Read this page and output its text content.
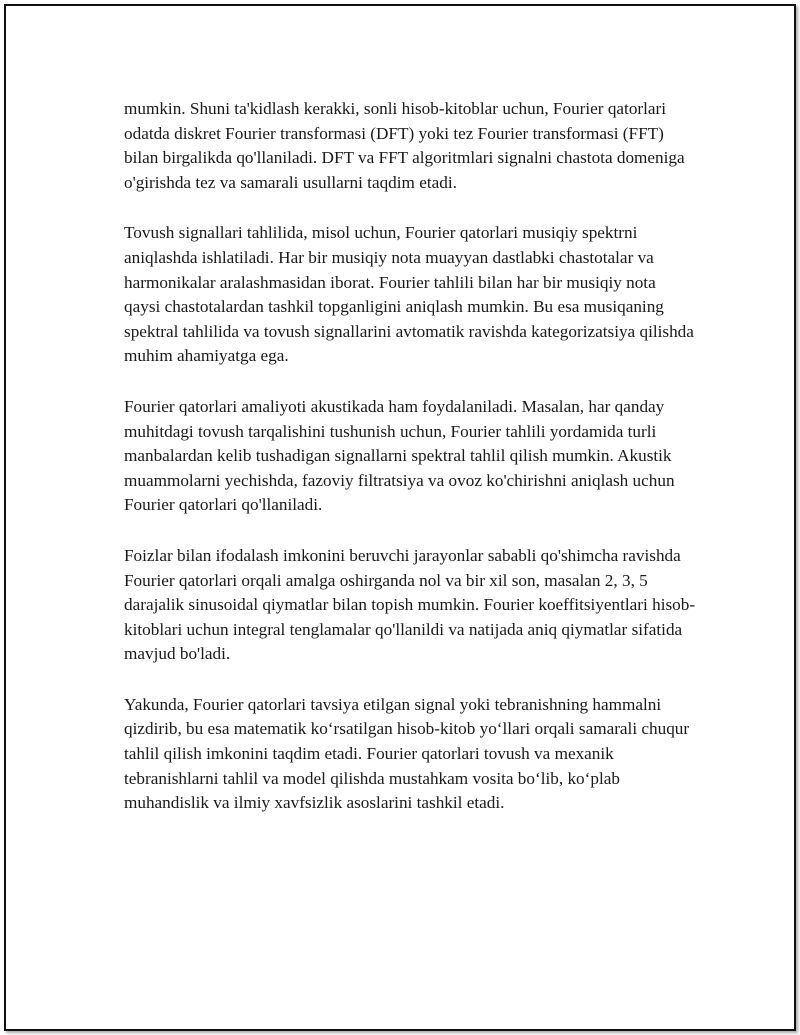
mumkin. Shuni ta'kidlash kerakki, sonli hisob-kitoblar uchun, Fourier qatorlari odatda diskret Fourier transformasi (DFT) yoki tez Fourier transformasi (FFT) bilan birgalikda qo'llaniladi. DFT va FFT algoritmlari signalni chastota domeniga o'girishda tez va samarali usullarni taqdim etadi.

Tovush signallari tahlilida, misol uchun, Fourier qatorlari musiqiy spektrni aniqlashda ishlatiladi. Har bir musiqiy nota muayyan dastlabki chastotalar va harmonikalar aralashmasidan iborat. Fourier tahlili bilan har bir musiqiy nota qaysi chastotalardan tashkil topganligini aniqlash mumkin. Bu esa musiqaning spektral tahlilida va tovush signallarini avtomatik ravishda kategorizatsiya qilishda muhim ahamiyatga ega.

Fourier qatorlari amaliyoti akustikada ham foydalaniladi. Masalan, har qanday muhitdagi tovush tarqalishini tushunish uchun, Fourier tahlili yordamida turli manbalardan kelib tushadigan signallarni spektral tahlil qilish mumkin. Akustik muammolarni yechishda, fazoviy filtratsiya va ovoz ko'chirishni aniqlash uchun Fourier qatorlari qo'llaniladi.

Foizlar bilan ifodalash imkonini beruvchi jarayonlar sababli qo'shimcha ravishda Fourier qatorlari orqali amalga oshirganda nol va bir xil son, masalan 2, 3, 5 darajalik sinusoidal qiymatlar bilan topish mumkin. Fourier koeffitsiyentlari hisob-kitoblari uchun integral tenglamalar qo'llanildi va natijada aniq qiymatlar sifatida mavjud bo'ladi.

Yakunda, Fourier qatorlari tavsiya etilgan signal yoki tebranishning hammalni qizdirib, bu esa matematik ko‘rsatilgan hisob-kitob yo‘llari orqali samarali chuqur tahlil qilish imkonini taqdim etadi. Fourier qatorlari tovush va mexanik tebranishlarni tahlil va model qilishda mustahkam vosita bo‘lib, ko‘plab muhandislik va ilmiy xavfsizlik asoslarini tashkil etadi.
